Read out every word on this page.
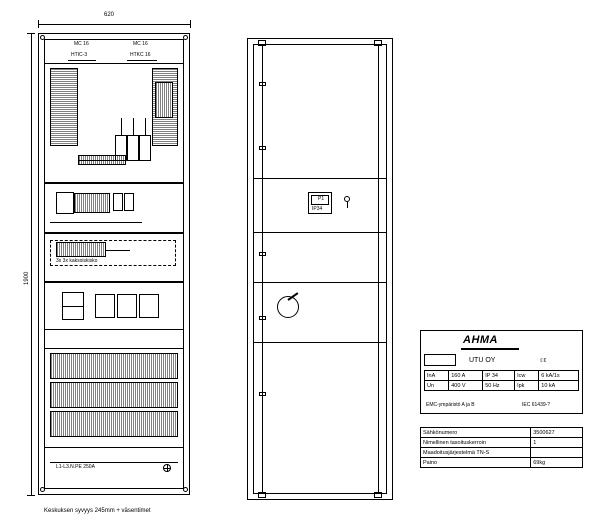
620
1900
MC 16	MC 16
HTIC-3	HTKC 16
3x 3x kaksoiskisko
L1-L3.N.PE 250A
Keskuksen syvyys 245mm + väsentimet
P1
IP34
AHMA
UTU OY	ℂ€
InA	160 A	IP 34	Icw	6 kA/1s
Un	400 V	50 Hz	Ipk	10 kA
EMC-ympäristö A ja B	IEC 61439-?
Sähkönumero	3500627
Nimellinen tasoituskerroin	1
Maadoitusjärjestelmä TN-S	
Paino	69kg
